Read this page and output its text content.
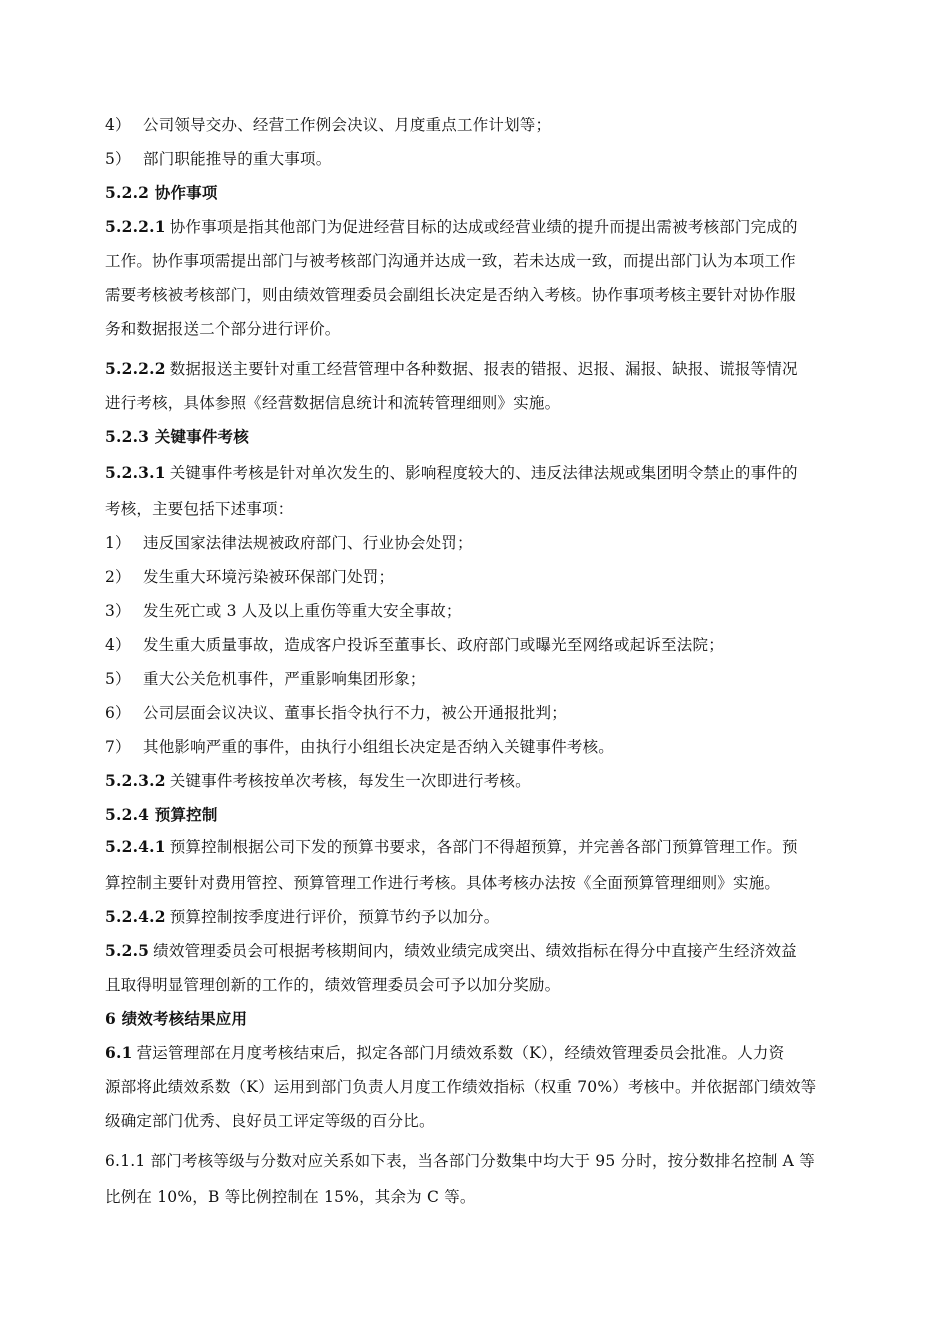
4） 公司领导交办、经营工作例会决议、月度重点工作计划等；
5） 部门职能推导的重大事项。
5.2.2 协作事项
5.2.2.1 协作事项是指其他部门为促进经营目标的达成或经营业绩的提升而提出需被考核部门完成的
工作。协作事项需提出部门与被考核部门沟通并达成一致，若未达成一致，而提出部门认为本项工作
需要考核被考核部门，则由绩效管理委员会副组长决定是否纳入考核。协作事项考核主要针对协作服
务和数据报送二个部分进行评价。
5.2.2.2 数据报送主要针对重工经营管理中各种数据、报表的错报、迟报、漏报、缺报、谎报等情况
进行考核，具体参照《经营数据信息统计和流转管理细则》实施。
5.2.3 关键事件考核
5.2.3.1 关键事件考核是针对单次发生的、影响程度较大的、违反法律法规或集团明令禁止的事件的
考核，主要包括下述事项：
1） 违反国家法律法规被政府部门、行业协会处罚；
2） 发生重大环境污染被环保部门处罚；
3） 发生死亡或 3 人及以上重伤等重大安全事故；
4） 发生重大质量事故，造成客户投诉至董事长、政府部门或曝光至网络或起诉至法院；
5） 重大公关危机事件，严重影响集团形象；
6） 公司层面会议决议、董事长指令执行不力，被公开通报批判；
7） 其他影响严重的事件，由执行小组组长决定是否纳入关键事件考核。
5.2.3.2 关键事件考核按单次考核，每发生一次即进行考核。
5.2.4 预算控制
5.2.4.1 预算控制根据公司下发的预算书要求，各部门不得超预算，并完善各部门预算管理工作。预
算控制主要针对费用管控、预算管理工作进行考核。具体考核办法按《全面预算管理细则》实施。
5.2.4.2 预算控制按季度进行评价，预算节约予以加分。
5.2.5 绩效管理委员会可根据考核期间内，绩效业绩完成突出、绩效指标在得分中直接产生经济效益
且取得明显管理创新的工作的，绩效管理委员会可予以加分奖励。
6 绩效考核结果应用
6.1 营运管理部在月度考核结束后，拟定各部门月绩效系数（K），经绩效管理委员会批准。人力资
源部将此绩效系数（K）运用到部门负责人月度工作绩效指标（权重 70%）考核中。并依据部门绩效等
级确定部门优秀、良好员工评定等级的百分比。
6.1.1 部门考核等级与分数对应关系如下表，当各部门分数集中均大于 95 分时，按分数排名控制 A 等
比例在 10%，B 等比例控制在 15%，其余为 C 等。
